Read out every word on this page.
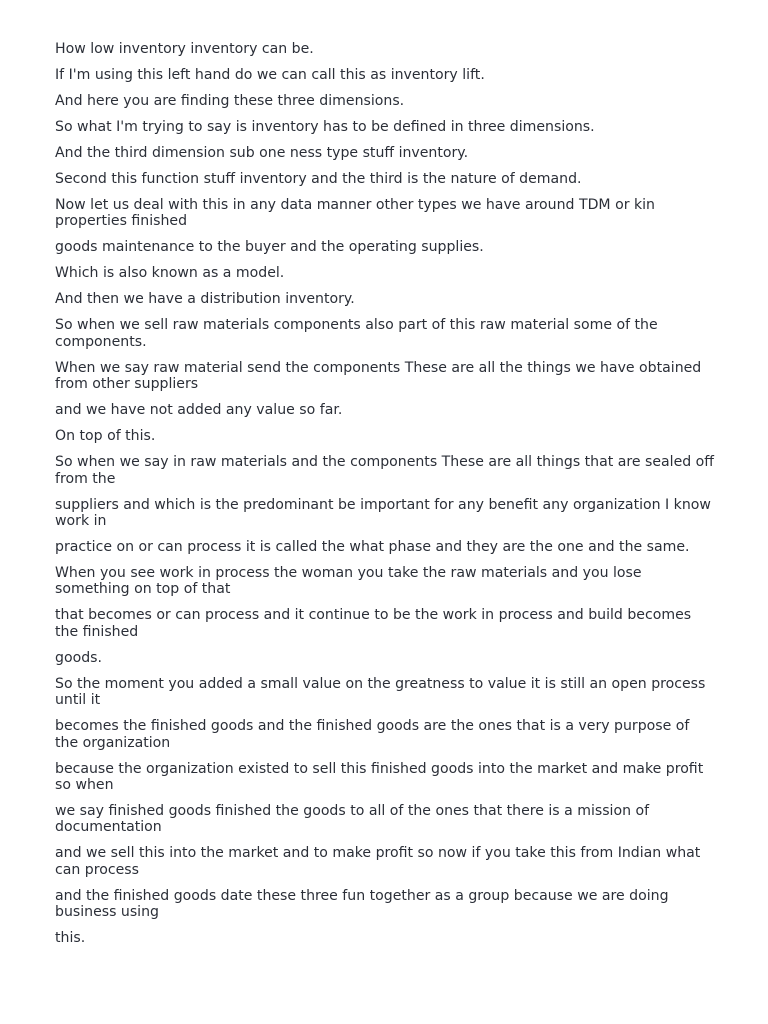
How low inventory inventory can be.

If I'm using this left hand do we can call this as inventory lift.

And here you are finding these three dimensions.

So what I'm trying to say is inventory has to be defined in three dimensions.

And the third dimension sub one ness type stuff inventory.

Second this function stuff inventory and the third is the nature of demand.

Now let us deal with this in any data manner other types we have around TDM or kin properties finished

goods maintenance to the buyer and the operating supplies.

Which is also known as a model.

And then we have a distribution inventory.

So when we sell raw materials components also part of this raw material some of the components.

When we say raw material send the components These are all the things we have obtained from other suppliers

and we have not added any value so far.

On top of this.

So when we say in raw materials and the components These are all things that are sealed off from the

suppliers and which is the predominant be important for any benefit any organization I know work in

practice on or can process it is called the what phase and they are the one and the same.

When you see work in process the woman you take the raw materials and you lose something on top of that

that becomes or can process and it continue to be the work in process and build becomes the finished

goods.

So the moment you added a small value on the greatness to value it is still an open process until it

becomes the finished goods and the finished goods are the ones that is a very purpose of the organization

because the organization existed to sell this finished goods into the market and make profit so when

we say finished goods finished the goods to all of the ones that there is a mission of documentation

and we sell this into the market and to make profit so now if you take this from Indian what can process

and the finished goods date these three fun together as a group because we are doing business using

this.
